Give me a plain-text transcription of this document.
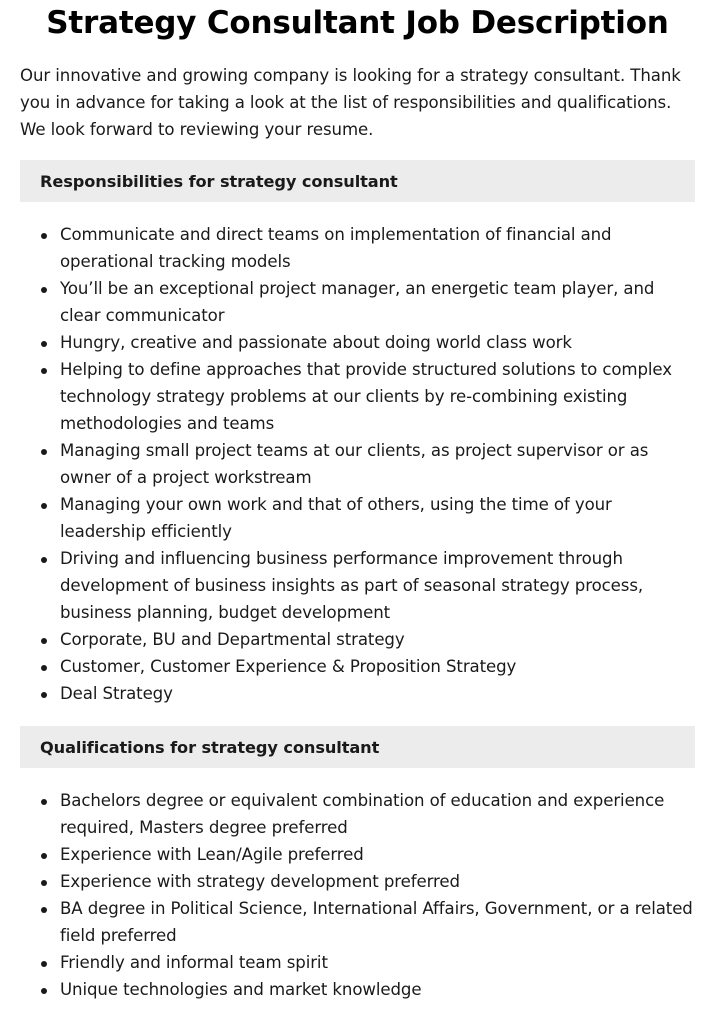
Strategy Consultant Job Description

Our innovative and growing company is looking for a strategy consultant. Thank you in advance for taking a look at the list of responsibilities and qualifications. We look forward to reviewing your resume.

Responsibilities for strategy consultant
Communicate and direct teams on implementation of financial and operational tracking models
You’ll be an exceptional project manager, an energetic team player, and clear communicator
Hungry, creative and passionate about doing world class work
Helping to define approaches that provide structured solutions to complex technology strategy problems at our clients by re-combining existing methodologies and teams
Managing small project teams at our clients, as project supervisor or as owner of a project workstream
Managing your own work and that of others, using the time of your leadership efficiently
Driving and influencing business performance improvement through development of business insights as part of seasonal strategy process, business planning, budget development
Corporate, BU and Departmental strategy
Customer, Customer Experience & Proposition Strategy
Deal Strategy
Qualifications for strategy consultant
Bachelors degree or equivalent combination of education and experience required, Masters degree preferred
Experience with Lean/Agile preferred
Experience with strategy development preferred
BA degree in Political Science, International Affairs, Government, or a related field preferred
Friendly and informal team spirit
Unique technologies and market knowledge
